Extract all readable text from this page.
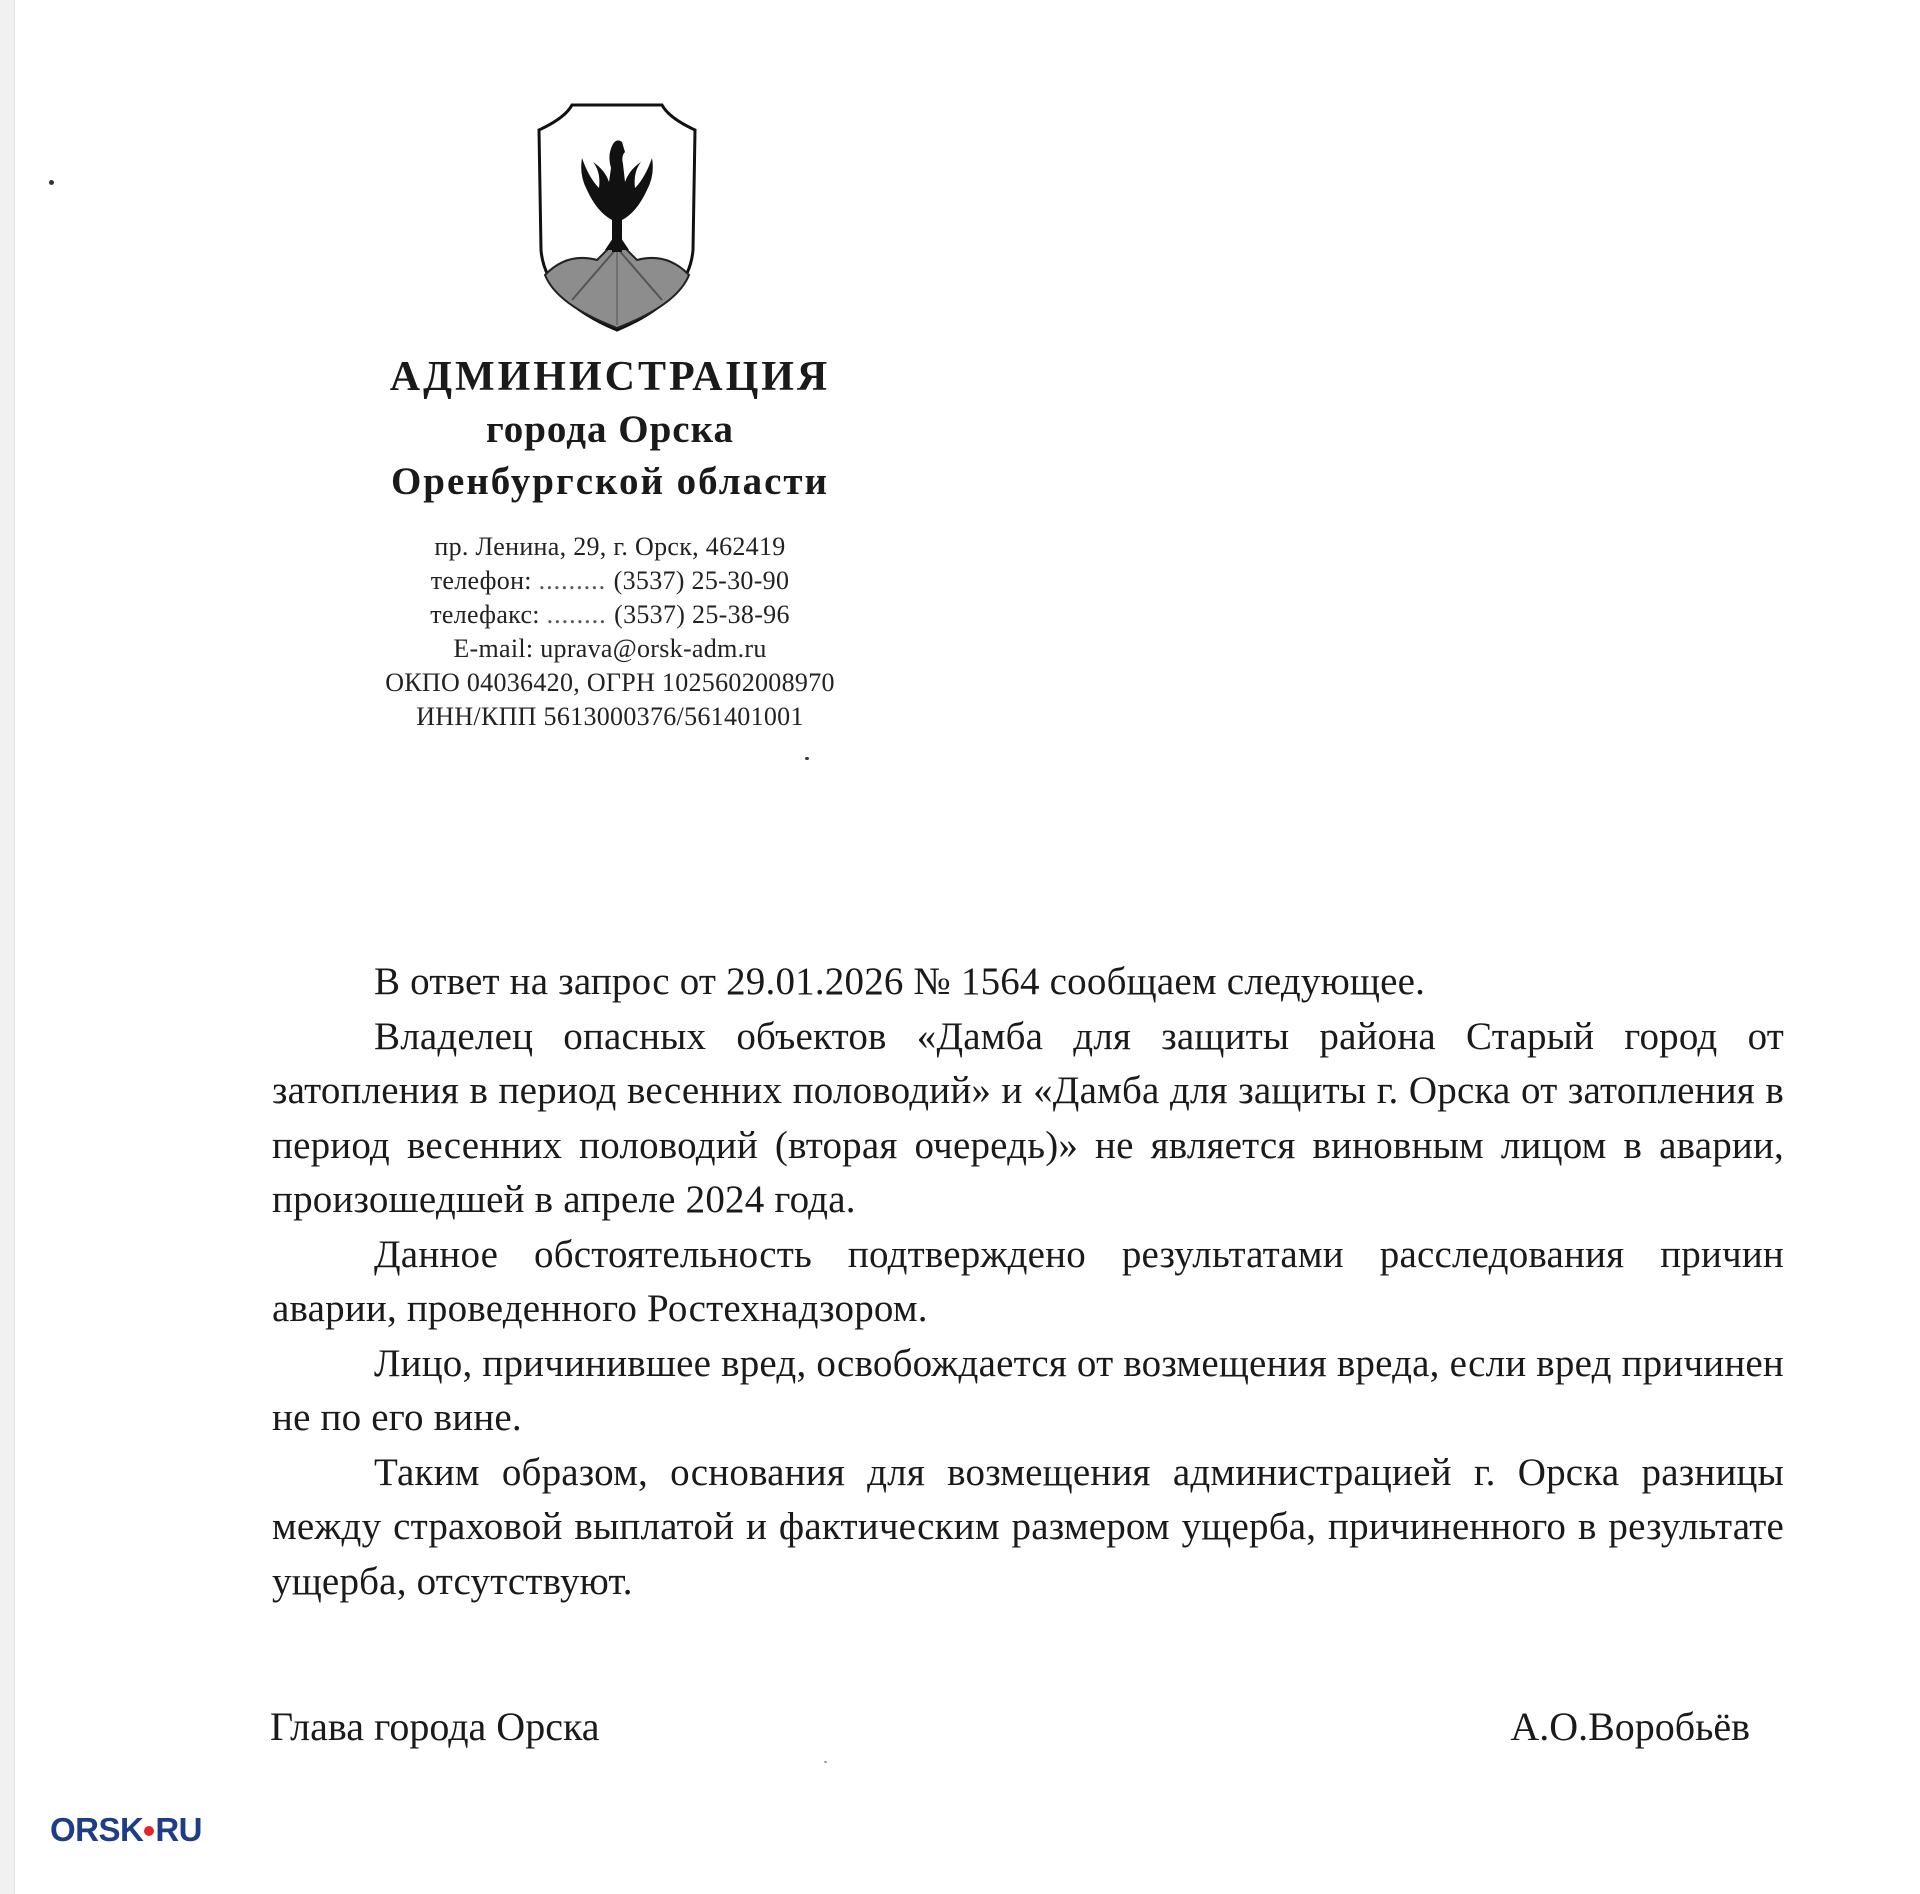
АДМИНИСТРАЦИЯ
города Орска
Оренбургской области
пр. Ленина, 29, г. Орск, 462419
телефон: ......... (3537) 25-30-90
телефакс: ........ (3537) 25-38-96
E-mail: uprava@orsk-adm.ru
ОКПО 04036420, ОГРН 1025602008970
ИНН/КПП 5613000376/561401001

В ответ на запрос от 29.01.2026 № 1564 сообщаем следующее.

Владелец опасных объектов «Дамба для защиты района Старый город от затопления в период весенних половодий» и «Дамба для защиты г. Орска от затопления в период весенних половодий (вторая очередь)» не является виновным лицом в аварии, произошедшей в апреле 2024 года.

Данное обстоятельность подтверждено результатами расследования причин аварии, проведенного Ростехнадзором.

Лицо, причинившее вред, освобождается от возмещения вреда, если вред причинен не по его вине.

Таким образом, основания для возмещения администрацией г. Орска разницы между страховой выплатой и фактическим размером ущерба, причиненного в результате ущерба, отсутствуют.

Глава города Орска	А.О.Воробьёв
ORSK RU
